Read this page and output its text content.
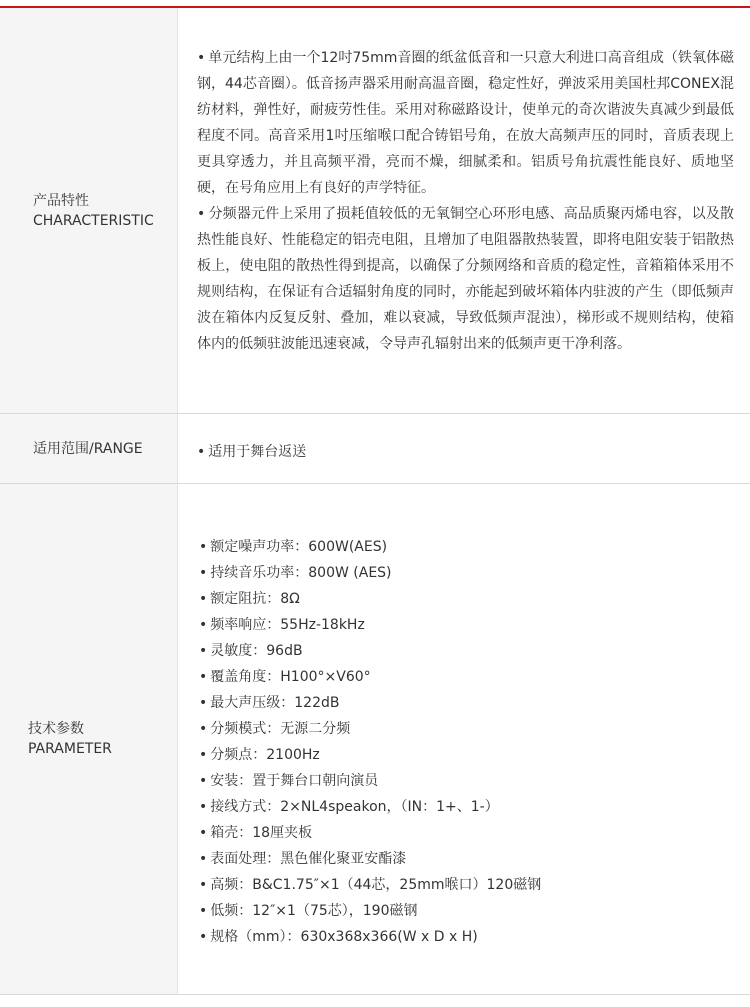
产品特性
CHARACTERISTIC

• 单元结构上由一个12吋75mm音圈的纸盆低音和一只意大利进口高音组成（铁氧体磁钢，44芯音圈）。低音扬声器采用耐高温音圈，稳定性好，弹波采用美国杜邦CONEX混纺材料，弹性好，耐疲劳性佳。采用对称磁路设计，使单元的奇次谐波失真减少到最低程度不同。高音采用1吋压缩喉口配合铸铝号角，在放大高频声压的同时，音质表现上更具穿透力，并且高频平滑，亮而不燥，细腻柔和。铝质号角抗震性能良好、质地坚硬，在号角应用上有良好的声学特征。

• 分频器元件上采用了损耗值较低的无氧铜空心环形电感、高品质聚丙烯电容，以及散热性能良好、性能稳定的铝壳电阻，且增加了电阻器散热装置，即将电阻安装于铝散热板上，使电阻的散热性得到提高，以确保了分频网络和音质的稳定性，音箱箱体采用不规则结构，在保证有合适辐射角度的同时，亦能起到破坏箱体内驻波的产生（即低频声波在箱体内反复反射、叠加，难以衰减，导致低频声混浊），梯形或不规则结构，使箱体内的低频驻波能迅速衰减，令导声孔辐射出来的低频声更干净利落。

适用范围/RANGE	• 适用于舞台返送

技术参数
PARAMETER
• 额定噪声功率：600W(AES)
• 持续音乐功率：800W (AES)
• 额定阻抗：8Ω
• 频率响应：55Hz-18kHz
• 灵敏度：96dB
• 覆盖角度：H100°×V60°
• 最大声压级：122dB
• 分频模式：无源二分频
• 分频点：2100Hz
• 安装：置于舞台口朝向演员
• 接线方式：2×NL4speakon，（IN：1+、1-）
• 箱壳：18厘夹板
• 表面处理：黑色催化聚亚安酯漆
• 高频：B&C1.75″×1（44芯，25mm喉口）120磁钢
• 低频：12″×1（75芯），190磁钢
• 规格（mm）：630x368x366(W x D x H)
